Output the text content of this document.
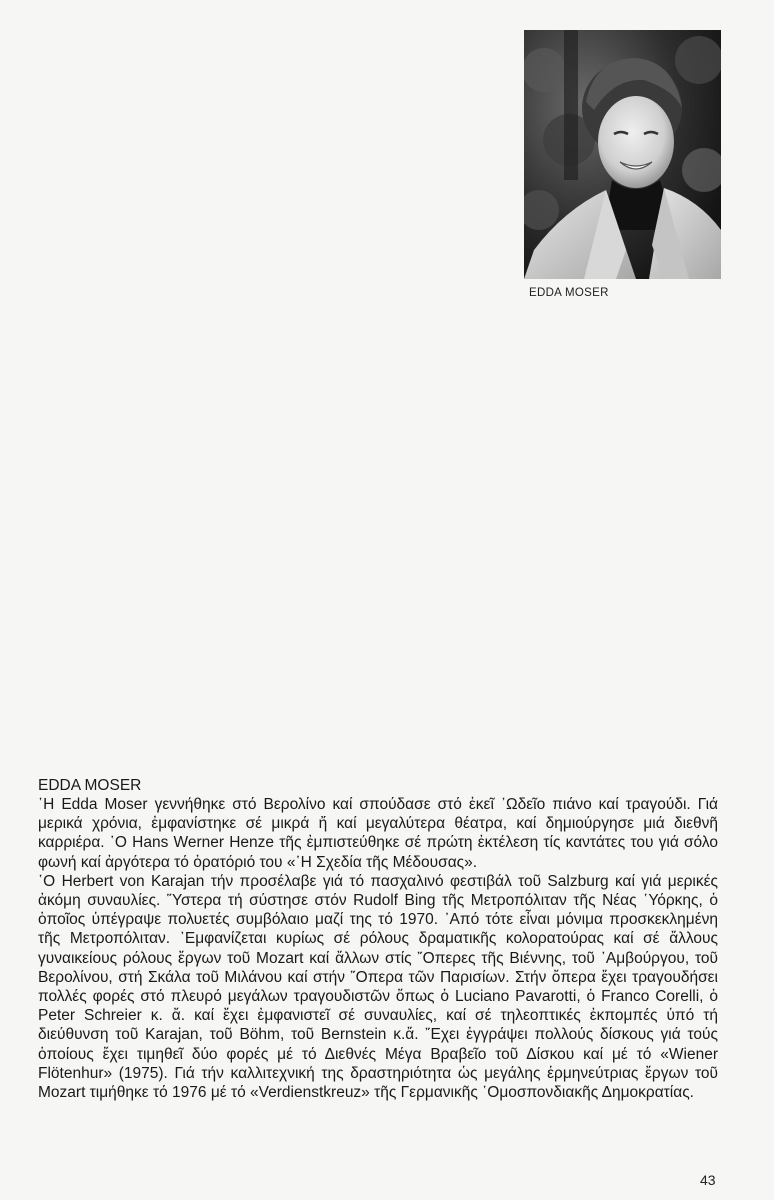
EDDA MOSER
EDDA MOSER

῾Η Edda Moser γεννήθηκε στό Βερολίνο καί σπούδασε στό ἐκεῖ ᾿Ωδεῖο πιάνο καί τραγούδι. Γιά μερικά χρόνια, ἐμφανίστηκε σέ μικρά ἤ καί μεγαλύτερα θέατρα, καί δημιούργησε μιά διεθνῆ καρριέρα. ῾Ο Hans Werner Henze τῆς ἐμπιστεύθηκε σέ πρώτη ἐκτέλεση τίς καντάτες του γιά σόλο φωνή καί ἀργότερα τό ὀρατόριό του «῾Η Σχεδία τῆς Μέδουσας».

῾Ο Herbert von Karajan τήν προσέλαβε γιά τό πασχαλινό φεστιβάλ τοῦ Salzburg καί γιά μερικές ἀκόμη συναυλίες. ῞Υστερα τή σύστησε στόν Rudolf Bing τῆς Μετροπόλιταν τῆς Νέας ῾Υόρκης, ὁ ὁποῖος ὑπέγραψε πολυετές συμβόλαιο μαζί της τό 1970. ᾿Από τότε εἶναι μόνιμα προσκεκλημένη τῆς Μετροπόλιταν. ᾿Εμφανίζεται κυρίως σέ ρόλους δραματικῆς κολορατούρας καί σέ ἄλλους γυναικείους ρόλους ἔργων τοῦ Mozart καί ἄλλων στίς ῎Οπερες τῆς Βιέννης, τοῦ ᾿Αμβούργου, τοῦ Βερολίνου, στή Σκάλα τοῦ Μιλάνου καί στήν ῎Οπερα τῶν Παρισίων. Στήν ὄπερα ἔχει τραγουδήσει πολλές φορές στό πλευρό μεγάλων τραγουδιστῶν ὅπως ὁ Luciano Pavarotti, ὁ Franco Corelli, ὁ Peter Schreier κ. ἄ. καί ἔχει ἐμφανιστεῖ σέ συναυλίες, καί σέ τηλεοπτικές ἐκπομπές ὑπό τή διεύθυνση τοῦ Karajan, τοῦ Böhm, τοῦ Bernstein κ.ἄ. ῎Εχει ἐγγράψει πολλούς δίσκους γιά τούς ὁποίους ἔχει τιμηθεῖ δύο φορές μέ τό Διεθνές Μέγα Βραβεῖο τοῦ Δίσκου καί μέ τό «Wiener Flötenhur» (1975). Γιά τήν καλλιτεχνική της δραστηριότητα ὡς μεγάλης ἑρμηνεύτριας ἔργων τοῦ Mozart τιμήθηκε τό 1976 μέ τό «Verdienstkreuz» τῆς Γερμανικῆς ῾Ομοσπονδιακῆς Δημοκρατίας.

43
